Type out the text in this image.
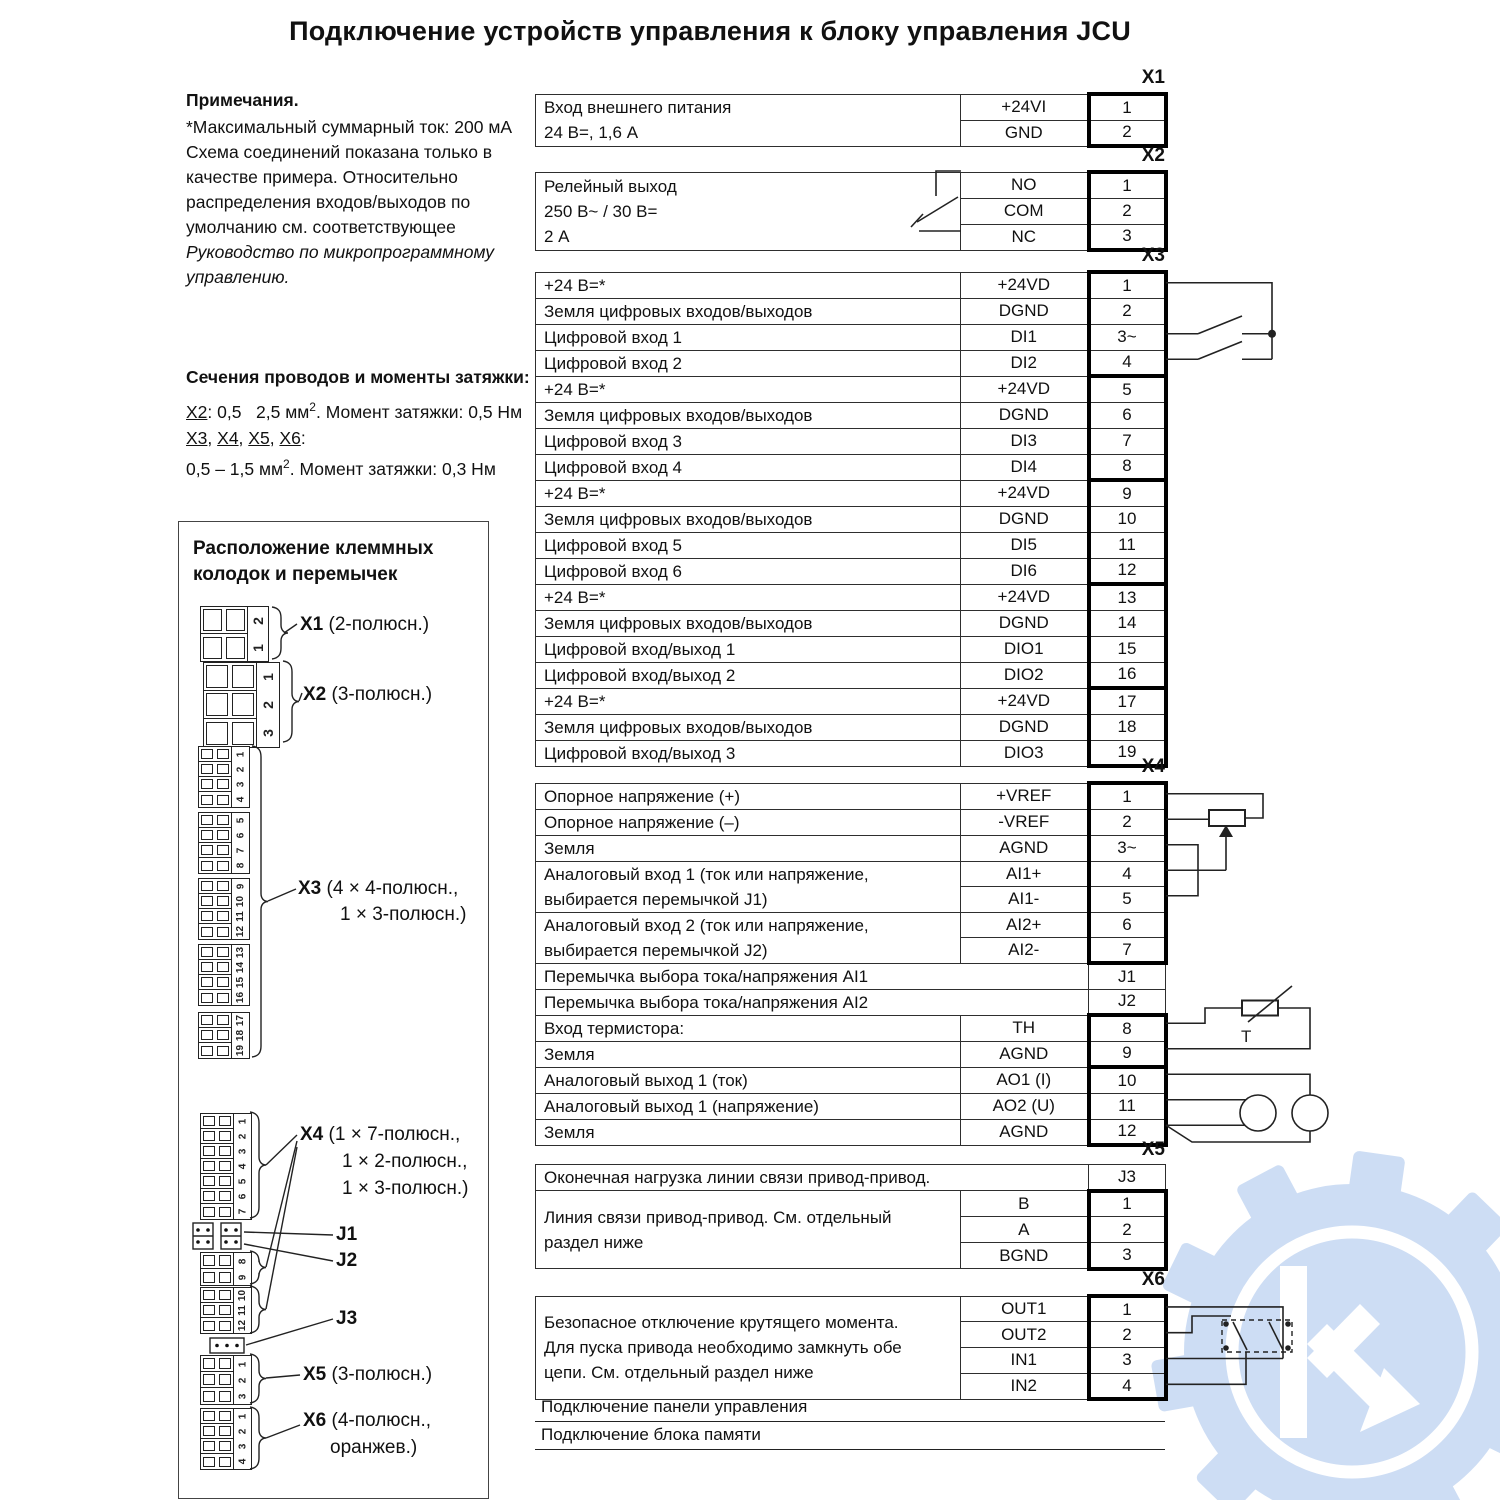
Подключение устройств управления к блоку управления JCU
Примечания.
*Максимальный суммарный ток: 200 мА
Схема соединений показана только в качестве примера. Относительно распределения входов/выходов по умолчанию см. соответствующее Руководство по микропрограммному управлению.
Сечения проводов и моменты затяжки:
X2: 0,5   2,5 $мм^2$. Момент затяжки: 0,5 Нм
X3, X4, X5, X6:
0,5 – 1,5 $мм^2$. Момент затяжки: 0,3 Нм
Расположение клеммных колодок и перемычек
2
1
1
2
3
1
2
3
4
5
6
7
8
9
10
11
12
13
14
15
16
17
18
19
1
2
3
4
5
6
7
8
9
10
11
12
1
2
3
1
2
3
4
X1 (2-полюсн.)
X2 (3-полюсн.)
X3 (4 × 4-полюсн.,
1 × 3-полюсн.)
X4 (1 × 7-полюсн.,
1 × 2-полюсн.,
1 × 3-полюсн.)
J1
J2
J3
X5 (3-полюсн.)
X6 (4-полюсн.,
оранжев.)
X1
Вход внешнего питания
24 В=, 1,6 А	+24VI	1
	GND	2
X2
Релейный выход
250 В~ / 30 В=
2 А	NO	1
	COM	2
	NC	3
X3
+24 В=*	+24VD	1

Земля цифровых входов/выходов	DGND	2

Цифровой вход 1	DI1	3~

Цифровой вход 2	DI2	4

+24 В=*	+24VD	5

Земля цифровых входов/выходов	DGND	6

Цифровой вход 3	DI3	7

Цифровой вход 4	DI4	8

+24 В=*	+24VD	9

Земля цифровых входов/выходов	DGND	10

Цифровой вход 5	DI5	11

Цифровой вход 6	DI6	12

+24 В=*	+24VD	13

Земля цифровых входов/выходов	DGND	14

Цифровой вход/выход 1	DIO1	15

Цифровой вход/выход 2	DIO2	16

+24 В=*	+24VD	17

Земля цифровых входов/выходов	DGND	18

Цифровой вход/выход 3	DIO3	19
X4
Опорное напряжение (+)	+VREF	1

Опорное напряжение (–)	-VREF	2

Земля	AGND	3~

Аналоговый вход 1 (ток или напряжение,
выбирается перемычкой J1)	AI1+	4
	AI1-	5

Аналоговый вход 2 (ток или напряжение,
выбирается перемычкой J2)	AI2+	6
	AI2-	7

Перемычка выбора тока/напряжения AI1		J1

Перемычка выбора тока/напряжения AI2		J2

Вход термистора:	TH	8

Земля	AGND	9

Аналоговый выход 1 (ток)	AO1 (I)	10

Аналоговый выход 1 (напряжение)	AO2 (U)	11

Земля	AGND	12
X5
Оконечная нагрузка линии связи привод-привод.		J3

Линия связи привод-привод. См. отдельный
раздел ниже	B	1
	A	2
	BGND	3
X6
Безопасное отключение крутящего момента.
Для пуска привода необходимо замкнуть обе
цепи. См. отдельный раздел ниже	OUT1	1
	OUT2	2
	IN1	3
	IN2	4
Подключение панели управления
Подключение блока памяти
T
